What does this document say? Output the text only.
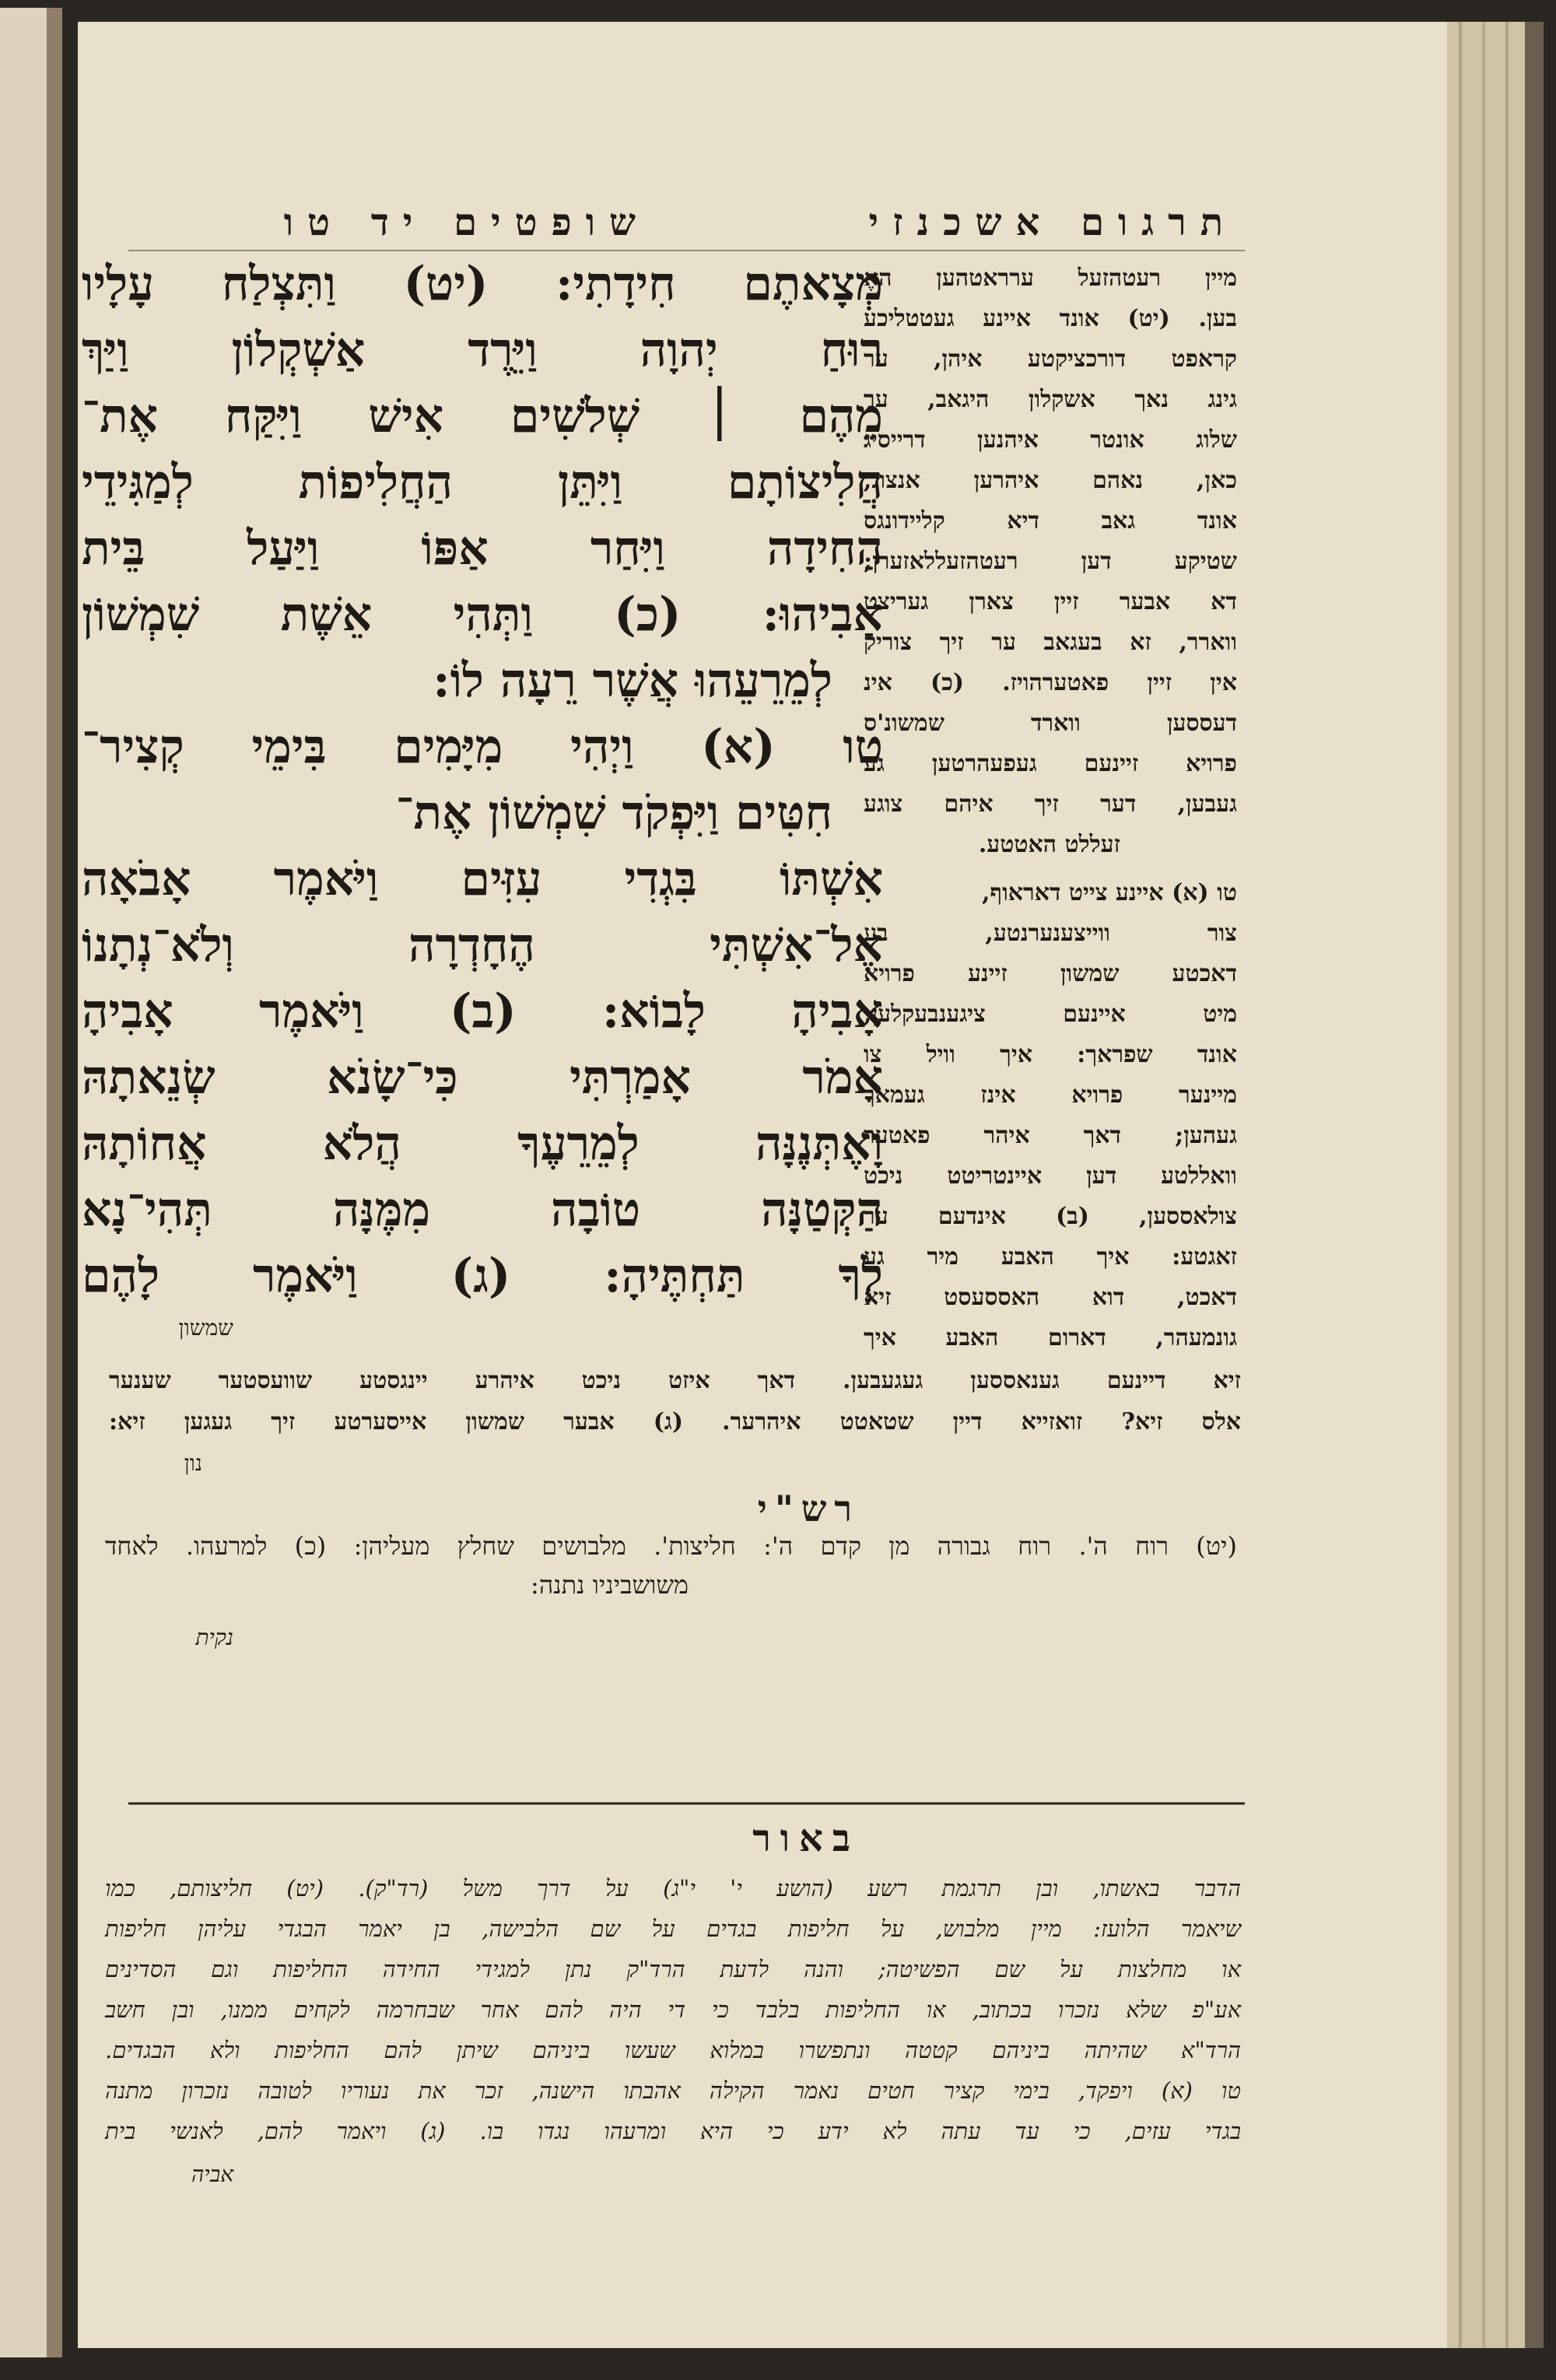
תרגום אשכנזי
שופטים יד טו
מְצָאתֶם חִידָתִי: (יט) וַתִּצְלַח עָלָיו
רוּחַ יְהוָה וַיֵּרֶד אַשְׁקְלוֹן וַיַּךְ
מֵהֶם ׀ שְׁלֹשִׁים אִישׁ וַיִּקַּח אֶת־
חֲלִיצוֹתָם וַיִּתֵּן הַחֲלִיפוֹת לְמַגִּידֵי
הַחִידָה וַיִּחַר אַפּוֹ וַיַּעַל בֵּית
אָבִיהוּ: (כ) וַתְּהִי אֵשֶׁת שִׁמְשׁוֹן
לְמֵרֵעֵהוּ אֲשֶׁר רֵעָה לוֹ:
טו (א) וַיְהִי מִיָּמִים בִּימֵי קְצִיר־
חִטִּים וַיִּפְקֹד שִׁמְשׁוֹן אֶת־
אִשְׁתּוֹ בִּגְדִי עִזִּים וַיֹּאמֶר אָבֹאָה
אֶל־אִשְׁתִּי הֶחָדְרָה וְלֹא־נְתָנוֹ
אָבִיהָ לָבוֹא: (ב) וַיֹּאמֶר אָבִיהָ
אָמֹר אָמַרְתִּי כִּי־שָׂנֹא שְׂנֵאתָהּ
וָאֶתְּנֶנָּה לְמֵרֵעֶךָ הֲלֹא אֲחוֹתָהּ
הַקְּטַנָּה טוֹבָה מִמֶּנָּה תְּהִי־נָא
לְךָ תַּחְתֶּיהָ: (ג) וַיֹּאמֶר לָהֶם
שמשון
מיין רעטהזעל ערראטהען האֶ
בען. (יט) אונד איינע געטטליכע
קראפט דורכציקטע איהן, ער
גינג נאך אשקלון היגאב, ער
שלוג אונטר איהנען דרייסיג
כאן, נאהם איהרען אנצוג,
אונד גאב דיא קליידונגס
שטיקע דען רעטהזעללאזערן;
דא אבער זיין צארן געריצט
ווארר, זא בעגאב ער זיך צוריק
אין זיין פאטערהויז. (כ) אינ
דעססען ווארד שמשונ'ס
פרויא זיינעם געפעהרטען גע
געבען, דער זיך איהם צוגע
זעללט האטטע.
טו (א) איינע צייט דאראוף,
צור ווייצענערנטע, בע
דאכטע שמשון זיינע פרויא
מיט איינעם ציגענבעקלען,
אונד שפראך: איך וויל צו
מיינער פרויא אינז געמאך
געהען; דאך איהר פאטער
וואללטע דען איינטריטט ניכט
צולאססען, (ב) אינדעם ער
זאגטע: איך האבע מיר גע
דאכט, דוא האססעסט זיא
גונמעהר, דארום האבע איך
זיא דיינעם גענאססען געגעבען. דאך איזט ניכט איהרע יינגסטע שוועסטער שענער
אלס זיא? זואזייא דיין שטאטט איהרער. (ג) אבער שמשון אייסערטע זיך געגען זיא:
נון
רש"י
(יט) רוח ה'. רוח גבורה מן קדם ה': חליצות'. מלבושים שחלץ מעליהן: (כ) למרעהו. לאחד
משושביניו נתנה:
נקית
באור
הדבר באשתו, ובן תרגמת רשע (הושע י' י"ג) על דרך משל (רד"ק). (יט) חליצותם, כמו
שיאמר הלועז: מיין מלבוש, על חליפות בגדים על שם הלבישה, בן יאמר הבגדי עליהן חליפות
או מחלצות על שם הפשיטה; והנה לדעת הרד"ק נתן למגידי החידה החליפות וגם הסדינים
אע"פ שלא נזכרו בכתוב, או החליפות בלבד כי די היה להם אחר שבחרמה לקחים ממנו, ובן חשב
הרד"א שהיתה ביניהם קטטה ונתפשרו במלוא שעשו ביניהם שיתן להם החליפות ולא הבגדים.
טו (א) ויפקד, בימי קציר חטים נאמר הקילה אהבתו הישנה, זכר את נעוריו לטובה נזכרון מתנה
בגדי עזים, כי עד עתה לא ידע כי היא ומרעהו נגדו בו. (ג) ויאמר להם, לאנשי בית
אביה
